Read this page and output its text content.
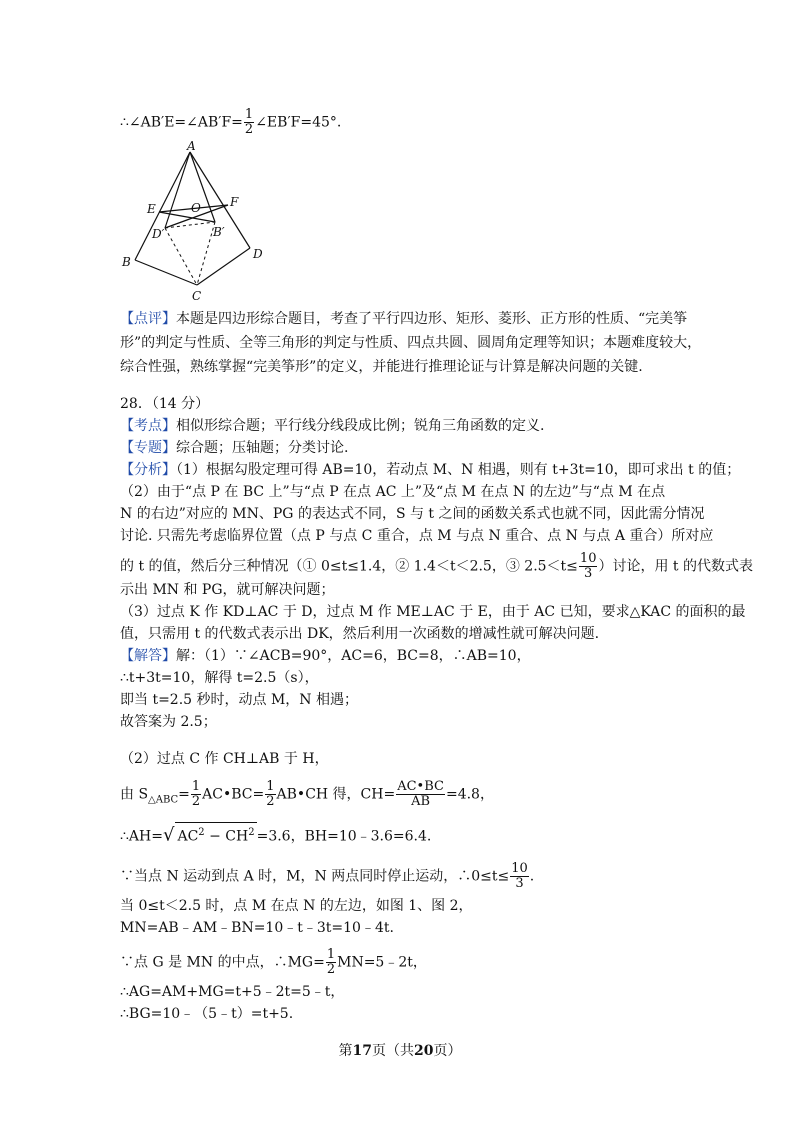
∴∠AB′E=∠AB′F= $\frac{1}{2}$ ∠EB′F=45°.
A
E	F
O
D′	B′
B
D
C
【点评】本题是四边形综合题目，考查了平行四边形、矩形、菱形、正方形的性质、“完美筝
形”的判定与性质、全等三角形的判定与性质、四点共圆、圆周角定理等知识；本题难度较大，
综合性强，熟练掌握“完美筝形”的定义，并能进行推理论证与计算是解决问题的关键.
28．（14 分）
【考点】相似形综合题；平行线分线段成比例；锐角三角函数的定义.
【专题】综合题；压轴题；分类讨论.
【分析】（1）根据勾股定理可得 AB=10，若动点 M、N 相遇，则有 t+3t=10，即可求出 t 的值；
（2）由于“点 P 在 BC 上”与“点 P 在点 AC 上”及“点 M 在点 N 的左边”与“点 M 在点
N 的右边”对应的 MN、PG 的表达式不同，S 与 t 之间的函数关系式也就不同，因此需分情况
讨论. 只需先考虑临界位置（点 P 与点 C 重合，点 M 与点 N 重合、点 N 与点 A 重合）所对应
的 t 的值，然后分三种情况（① 0≤t≤1.4，② 1.4＜t＜2.5，③ $2.5<t\le \frac{10}{3}$ ）讨论，用 t 的代数式表
示出 MN 和 PG，就可解决问题；
（3）过点 K 作 KD⊥AC 于 D，过点 M 作 ME⊥AC 于 E，由于 AC 已知，要求△KAC 的面积的最
值，只需用 t 的代数式表示出 DK，然后利用一次函数的增减性就可解决问题.
【解答】解：（1）∵∠ACB=90°，AC=6，BC=8，∴AB=10，
∴t+3t=10，解得 t=2.5（s），
即当 t=2.5 秒时，动点 M，N 相遇；
故答案为 2.5；
（2）过点 C 作 CH⊥AB 于 H，
由 $S_{\triangle ABC}= \frac{1}{2}$ AC•BC= $\frac{1}{2}$ AB•CH 得，$CH= \frac{AC•BC}{AB} =4.8$，
∴AH=√ $AC^2 - CH^2 =3.6$，BH=10﹣3.6=6.4.
∵当点 N 运动到点 A 时，M，N 两点同时停止运动，∴0≤t≤ $\frac{10}{3}$ .
当 0≤t＜2.5 时，点 M 在点 N 的左边，如图 1、图 2，
MN=AB﹣AM﹣BN=10﹣t﹣3t=10﹣4t.
∵点 G 是 MN 的中点，∴MG= $\frac{1}{2}$ MN=5﹣2t，
∴AG=AM+MG=t+5﹣2t=5﹣t，
∴BG=10﹣（5﹣t）=t+5.
第17页（共20页）
